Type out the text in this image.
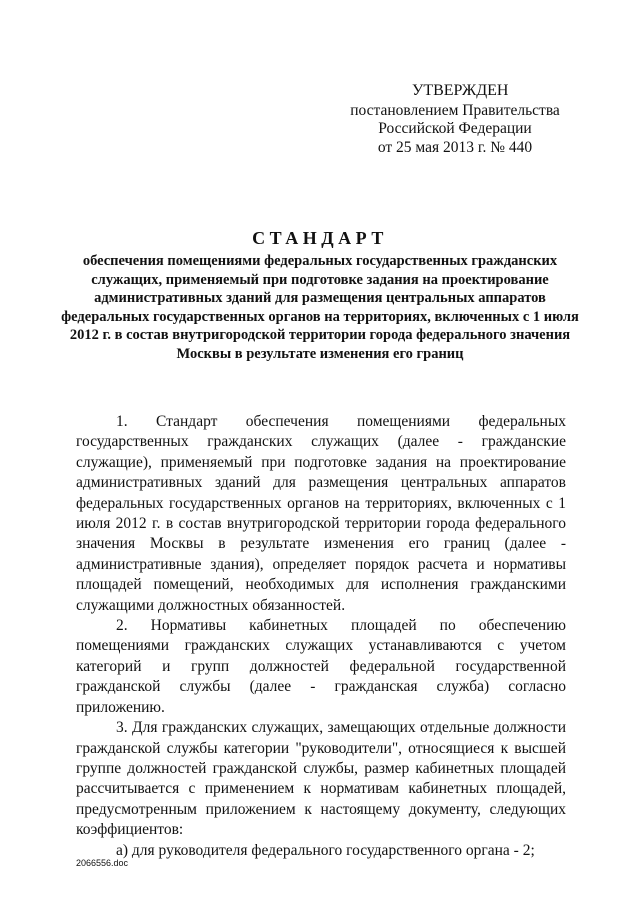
УТВЕРЖДЕН
постановлением Правительства
Российской Федерации
от 25 мая 2013 г. № 440
СТАНДАРТ
обеспечения помещениями федеральных государственных гражданских служащих, применяемый при подготовке задания на проектирование административных зданий для размещения центральных аппаратов федеральных государственных органов на территориях, включенных с 1 июля 2012 г. в состав внутригородской территории города федерального значения Москвы в результате изменения его границ

1. Стандарт обеспечения помещениями федеральных государственных гражданских служащих (далее - гражданские служащие), применяемый при подготовке задания на проектирование административных зданий для размещения центральных аппаратов федеральных государственных органов на территориях, включенных с 1 июля 2012 г. в состав внутригородской территории города федерального значения Москвы в результате изменения его границ (далее - административные здания), определяет порядок расчета и нормативы площадей помещений, необходимых для исполнения гражданскими служащими должностных обязанностей.

2. Нормативы кабинетных площадей по обеспечению помещениями гражданских служащих устанавливаются с учетом категорий и групп должностей федеральной государственной гражданской службы (далее - гражданская служба) согласно приложению.

3. Для гражданских служащих, замещающих отдельные должности гражданской службы категории "руководители", относящиеся к высшей группе должностей гражданской службы, размер кабинетных площадей рассчитывается с применением к нормативам кабинетных площадей, предусмотренным приложением к настоящему документу, следующих коэффициентов:

а) для руководителя федерального государственного органа - 2;

2066556.doc
